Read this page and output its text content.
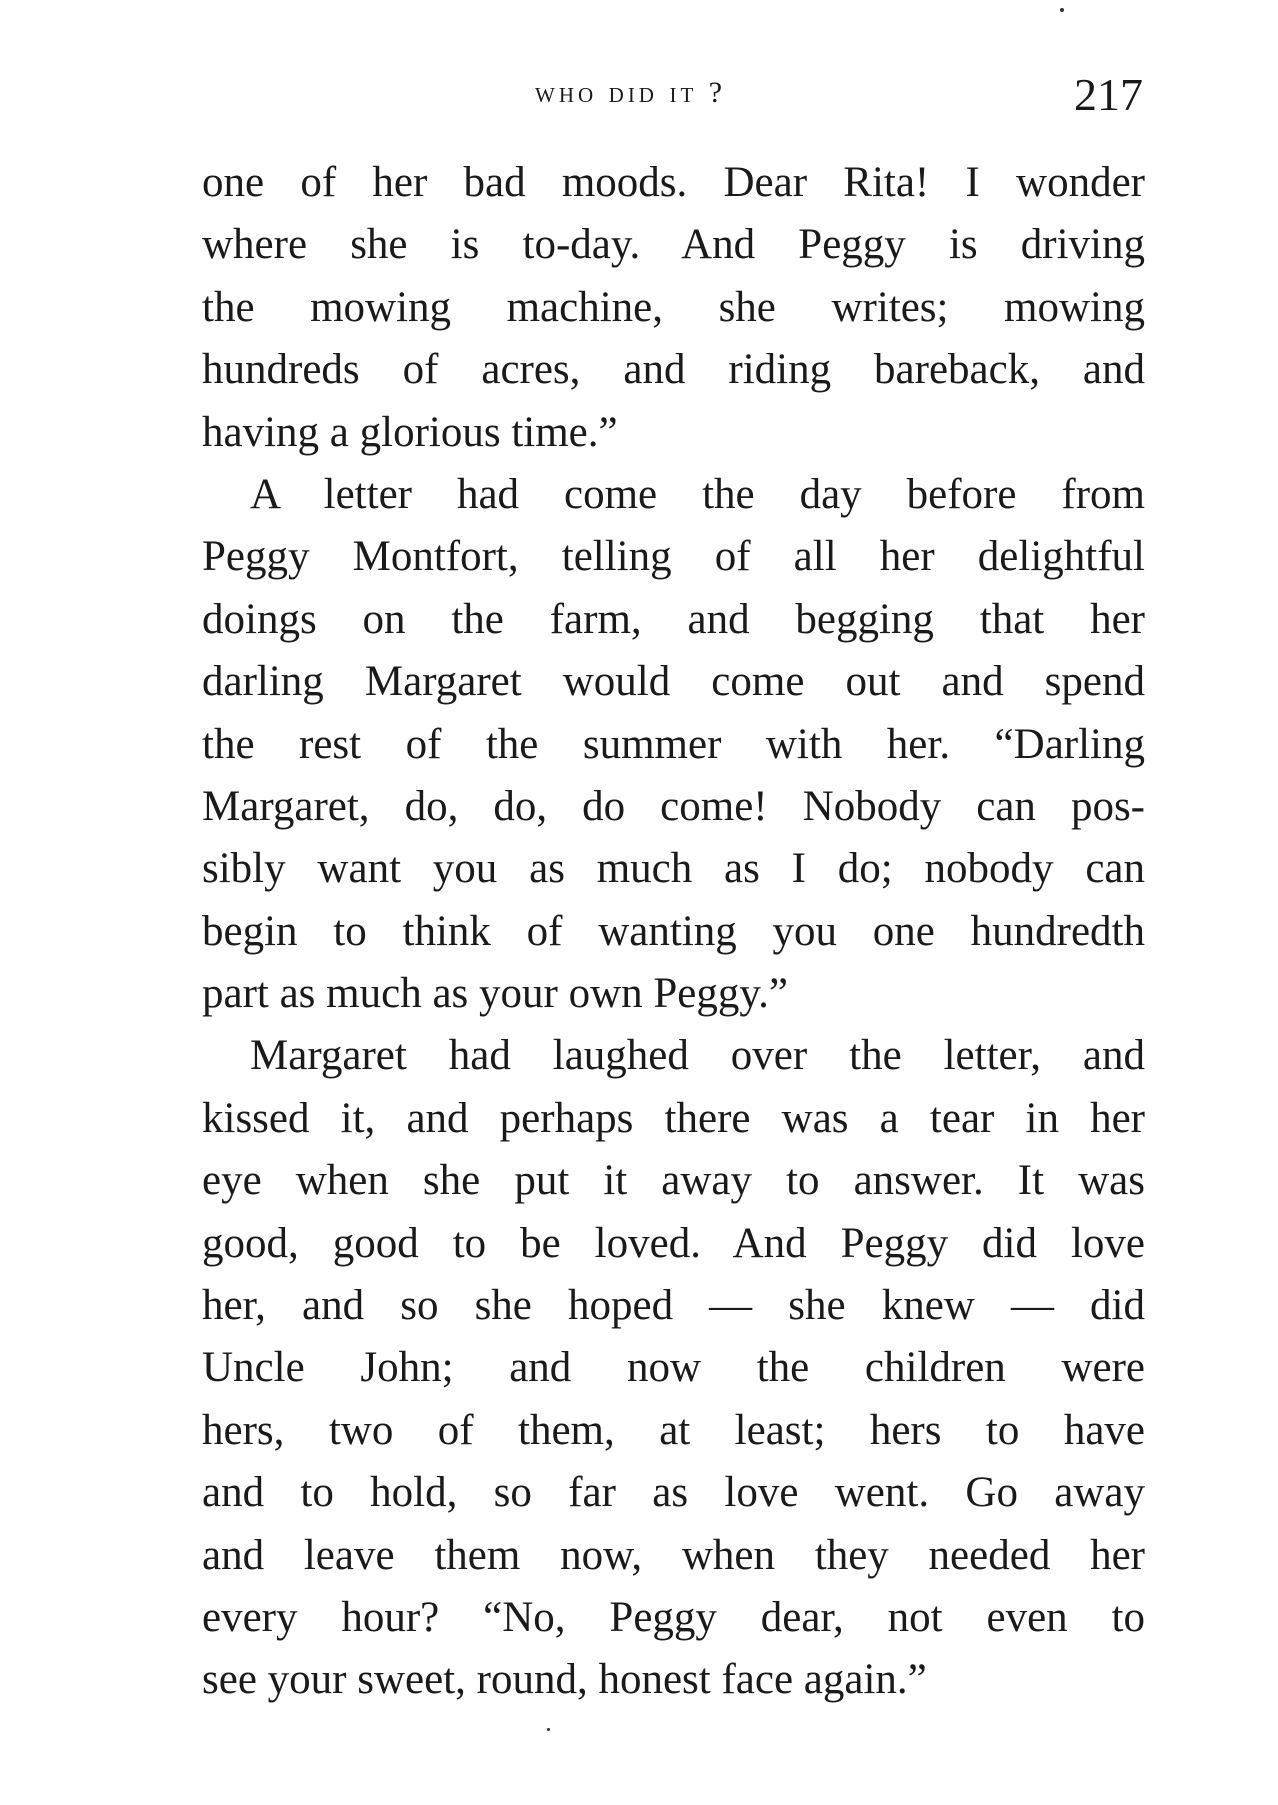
who did it ?	217
one of her bad moods. Dear Rita! I wonder
where she is to-day. And Peggy is driving
the mowing machine, she writes; mowing
hundreds of acres, and riding bareback, and
having a glorious time.”
A letter had come the day before from
Peggy Montfort, telling of all her delightful
doings on the farm, and begging that her
darling Margaret would come out and spend
the rest of the summer with her. “Darling
Margaret, do, do, do come! Nobody can pos-
sibly want you as much as I do; nobody can
begin to think of wanting you one hundredth
part as much as your own Peggy.”
Margaret had laughed over the letter, and
kissed it, and perhaps there was a tear in her
eye when she put it away to answer. It was
good, good to be loved. And Peggy did love
her, and so she hoped — she knew — did
Uncle John; and now the children were
hers, two of them, at least; hers to have
and to hold, so far as love went. Go away
and leave them now, when they needed her
every hour? “No, Peggy dear, not even to
see your sweet, round, honest face again.”
